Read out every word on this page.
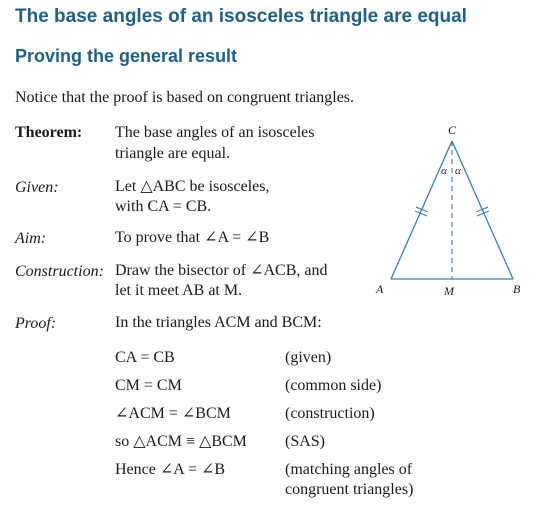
The base angles of an isosceles triangle are equal
Proving the general result
Notice that the proof is based on congruent triangles.
Theorem: The base angles of an isosceles
triangle are equal.
Given:	Let △ABC be isosceles,
with CA = CB.
Aim:	To prove that ∠A = ∠B
Construction: Draw the bisector of ∠ACB, and
let it meet AB at M.
Proof:	In the triangles ACM and BCM:
CA = CB	(given)
CM = CM	(common side)
∠ACM = ∠BCM	(construction)
so △ACM ≡ △BCM (SAS)
Hence ∠A = ∠B	(matching angles of
congruent triangles)
C
A	B
M
α α
